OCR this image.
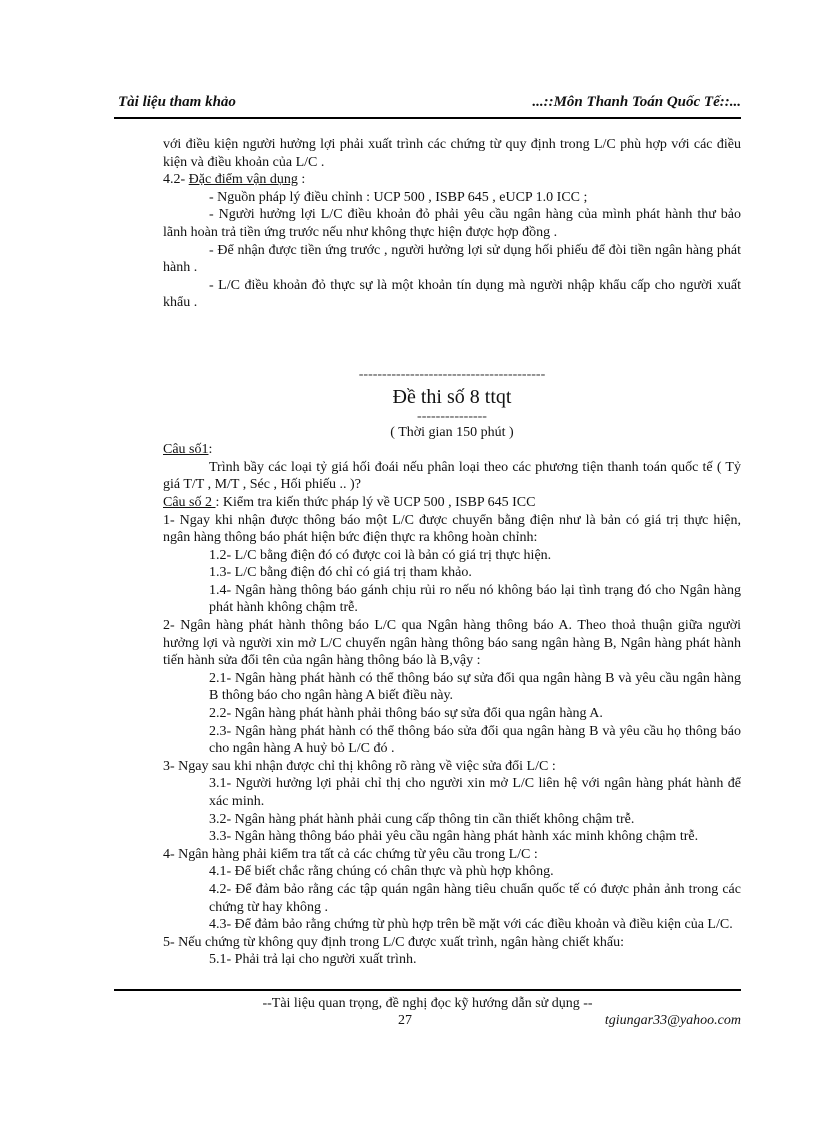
Tài liệu tham khảo	...::Môn Thanh Toán Quốc Tế::...

với điều kiện người hưởng lợi phải xuất trình các chứng từ quy định trong L/C phù hợp với các điều kiện và điều khoản của L/C .

4.2- Đặc điểm vận dụng :

- Nguồn pháp lý điều chỉnh : UCP 500 , ISBP 645 , eUCP 1.0 ICC ;

- Người hưởng lợi L/C điều khoản đỏ phải yêu cầu ngân hàng của mình phát hành thư bảo lãnh hoàn trả tiền ứng trước nếu như không thực hiện được hợp đồng .

- Để nhận được tiền ứng trước , người hưởng lợi sử dụng hối phiếu để đòi tiền ngân hàng phát hành .

- L/C điều khoản đỏ thực sự là một khoản tín dụng mà người nhập khẩu cấp cho người xuất khẩu .

----------------------------------------

Đề thi số 8 ttqt

---------------

( Thời gian 150 phút )

Câu số1:

Trình bầy các loại tỷ giá hối đoái nếu phân loại theo các phương tiện thanh toán quốc tế ( Tỷ giá T/T , M/T , Séc , Hối phiếu .. )?

Câu số 2 : Kiểm tra kiến thức pháp lý về UCP 500 , ISBP 645 ICC

1- Ngay khi nhận được thông báo một L/C được chuyển bằng điện như là bản có giá trị thực hiện, ngân hàng thông báo phát hiện bức điện thực ra không hoàn chỉnh:

1.2- L/C bằng điện đó có được coi là bản có giá trị thực hiện.

1.3- L/C bằng điện đó chỉ có giá trị tham khảo.

1.4- Ngân hàng thông báo gánh chịu rủi ro nếu nó không báo lại tình trạng đó cho Ngân hàng phát hành không chậm trễ.

2- Ngân hàng phát hành thông báo L/C qua Ngân hàng thông báo A. Theo thoả thuận giữa người hưởng lợi và người xin mở L/C chuyển ngân hàng thông báo sang ngân hàng B, Ngân hàng phát hành tiến hành sửa đổi tên của ngân hàng thông báo là B,vậy :

2.1- Ngân hàng phát hành có thể thông báo sự sửa đổi qua ngân hàng B và yêu cầu ngân hàng B thông báo cho ngân hàng A biết điều này.

2.2- Ngân hàng phát hành phải thông báo sự sửa đổi qua ngân hàng A.

2.3- Ngân hàng phát hành có thể thông báo sửa đổi qua ngân hàng B và yêu cầu họ thông báo cho ngân hàng A huỷ bỏ L/C đó .

3- Ngay sau khi nhận được chỉ thị không rõ ràng về việc sửa đổi L/C :

3.1- Người hưởng lợi phải chỉ thị cho người xin mở L/C liên hệ với ngân hàng phát hành để xác minh.

3.2- Ngân hàng phát hành phải cung cấp thông tin cần thiết không chậm trễ.

3.3- Ngân hàng thông báo phải yêu cầu ngân hàng phát hành xác minh không chậm trễ.

4- Ngân hàng phải kiểm tra tất cả các chứng từ yêu cầu trong L/C :

4.1- Để biết chắc rằng chúng có chân thực và phù hợp không.

4.2- Để đảm bảo rằng các tập quán ngân hàng tiêu chuẩn quốc tế có được phản ảnh trong các chứng từ hay không .

4.3- Để đảm bảo rằng chứng từ phù hợp trên bề mặt với các điều khoản và điều kiện của L/C.

5- Nếu chứng từ không quy định trong L/C được xuất trình, ngân hàng chiết khấu:

5.1- Phải trả lại cho người xuất trình.

--Tài liệu quan trọng, đề nghị đọc kỹ hướng dẫn sử dụng --
27	tgiungar33@yahoo.com
